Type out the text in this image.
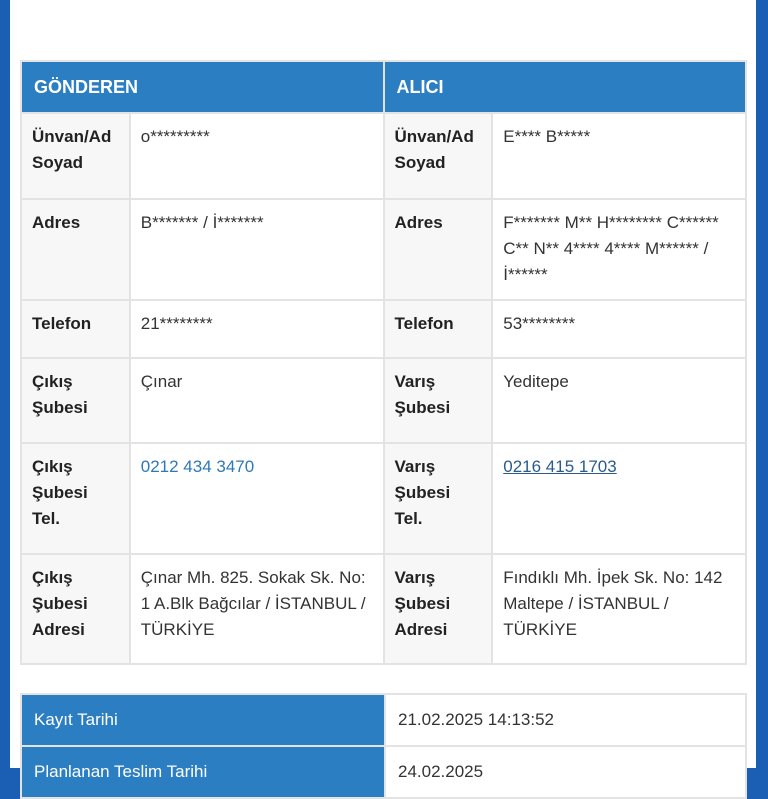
GÖNDEREN		ALICI	
Ünvan/Ad Soyad	o*********	Ünvan/Ad Soyad	E**** B*****
Adres	B******* / İ*******	Adres	F******* M** H******** C****** C** N** 4**** 4**** M****** / İ******
Telefon	21********	Telefon	53********
Çıkış Şubesi	Çınar	Varış Şubesi	Yeditepe
Çıkış Şubesi Tel.	0212 434 3470	Varış Şubesi Tel.	0216 415 1703
Çıkış Şubesi Adresi	Çınar Mh. 825. Sokak Sk. No: 1 A.Blk Bağcılar / İSTANBUL / TÜRKİYE	Varış Şubesi Adresi	Fındıklı Mh. İpek Sk. No: 142 Maltepe / İSTANBUL / TÜRKİYE
Kayıt Tarihi	21.02.2025 14:13:52
Planlanan Teslim Tarihi	24.02.2025
